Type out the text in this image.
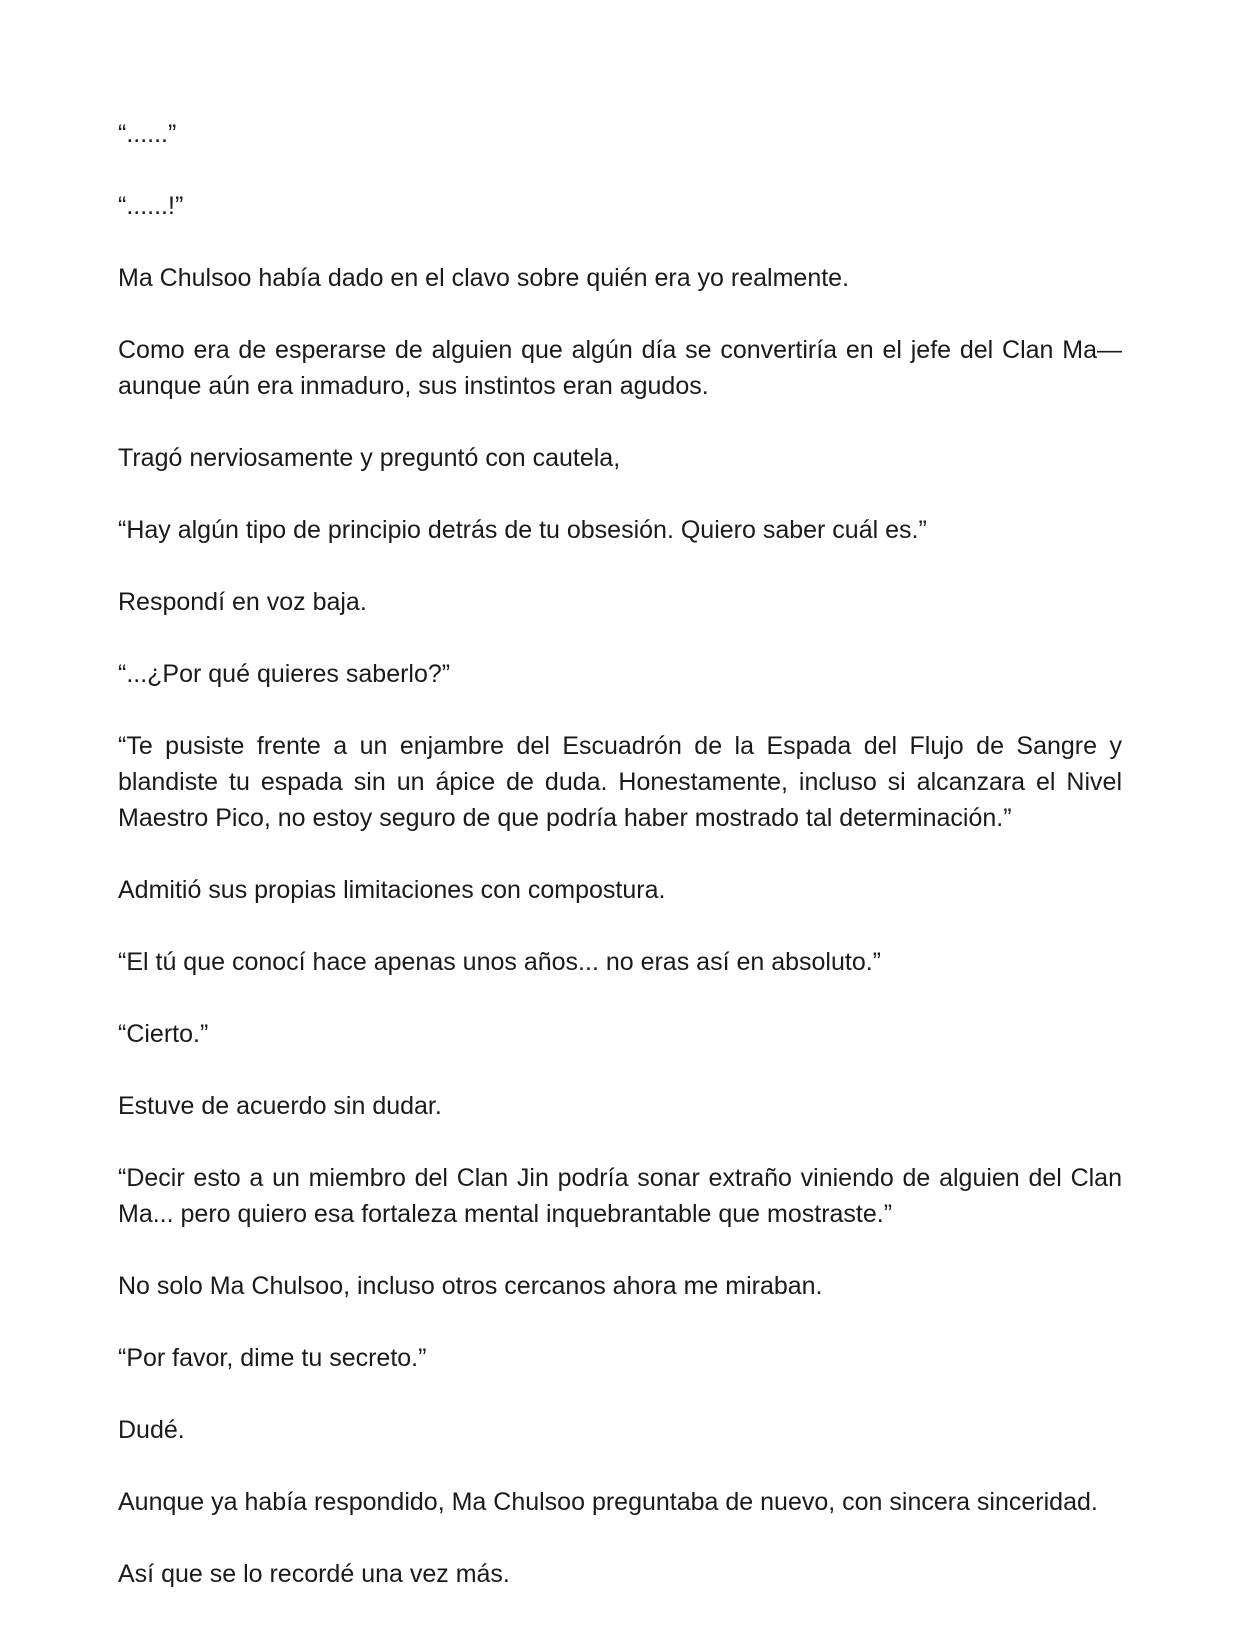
“......”

“......!”

Ma Chulsoo había dado en el clavo sobre quién era yo realmente.

Como era de esperarse de alguien que algún día se convertiría en el jefe del Clan Ma— aunque aún era inmaduro, sus instintos eran agudos.

Tragó nerviosamente y preguntó con cautela,

“Hay algún tipo de principio detrás de tu obsesión. Quiero saber cuál es.”

Respondí en voz baja.

“...¿Por qué quieres saberlo?”

“Te pusiste frente a un enjambre del Escuadrón de la Espada del Flujo de Sangre y blandiste tu espada sin un ápice de duda. Honestamente, incluso si alcanzara el Nivel Maestro Pico, no estoy seguro de que podría haber mostrado tal determinación.”

Admitió sus propias limitaciones con compostura.

“El tú que conocí hace apenas unos años... no eras así en absoluto.”

“Cierto.”

Estuve de acuerdo sin dudar.

“Decir esto a un miembro del Clan Jin podría sonar extraño viniendo de alguien del Clan Ma... pero quiero esa fortaleza mental inquebrantable que mostraste.”

No solo Ma Chulsoo, incluso otros cercanos ahora me miraban.

“Por favor, dime tu secreto.”

Dudé.

Aunque ya había respondido, Ma Chulsoo preguntaba de nuevo, con sincera sinceridad.

Así que se lo recordé una vez más.
